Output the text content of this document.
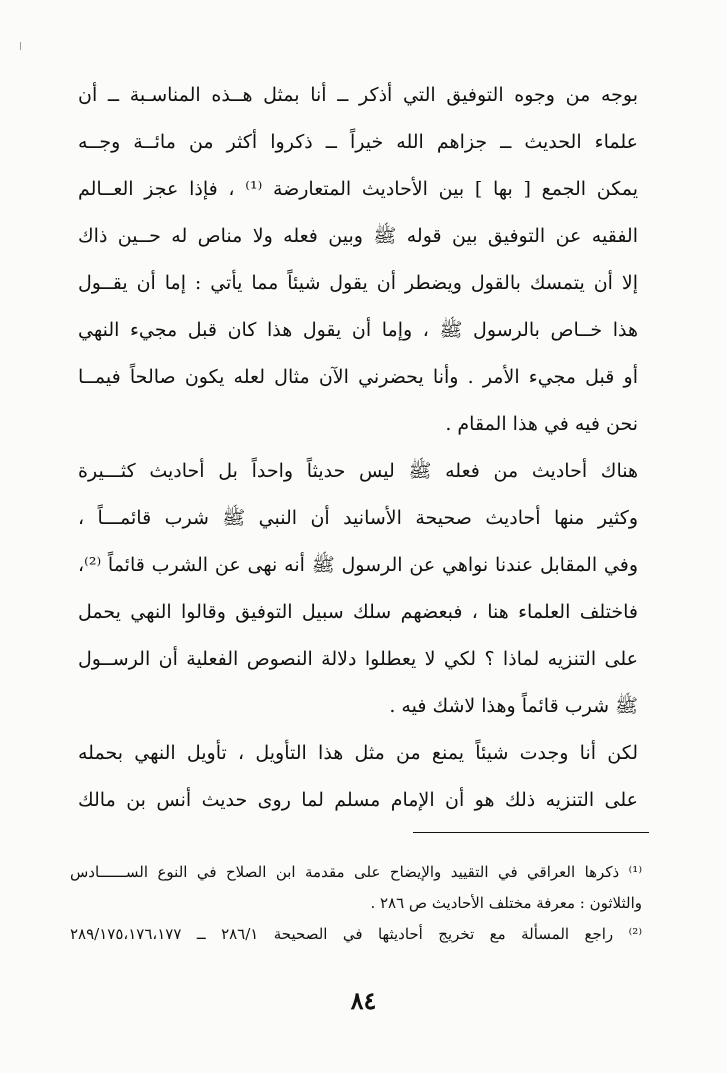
بوجه من وجوه التوفيق التي أذكر ــ أنا بمثل هــذه المناسـبة ــ أن
علماء الحديث ــ جزاهم الله خيراً ــ ذكروا أكثر من مائــة وجــه
يمكن الجمع [ بها ] بين الأحاديث المتعارضة ⁽¹⁾ ، فإذا عجز العــالم
الفقيه عن التوفيق بين قوله ﷺ وبين فعله ولا مناص له حــين ذاك
إلا أن يتمسك بالقول ويضطر أن يقول شيئاً مما يأتي : إما أن يقــول
هذا خــاص بالرسول ﷺ ، وإما أن يقول هذا كان قبل مجيء النهي
أو قبل مجيء الأمر . وأنا يحضرني الآن مثال لعله يكون صالحاً فيمــا
نحن فيه في هذا المقام .
هناك أحاديث من فعله ﷺ ليس حديثاً واحداً بل أحاديث كثـــيرة
وكثير منها أحاديث صحيحة الأسانيد أن النبي ﷺ شرب قائمـــاً ،
وفي المقابل عندنا نواهي عن الرسول ﷺ أنه نهى عن الشرب قائماً ⁽²⁾،
فاختلف العلماء هنا ، فبعضهم سلك سبيل التوفيق وقالوا النهي يحمل
على التنزيه لماذا ؟ لكي لا يعطلوا دلالة النصوص الفعلية أن الرســول
ﷺ شرب قائماً وهذا لاشك فيه .
لكن أنا وجدت شيئاً يمنع من مثل هذا التأويل ، تأويل النهي بحمله
على التنزيه ذلك هو أن الإمام مسلم لما روى حديث أنس بن مالك
⁽¹⁾ ذكرها العراقي في التقييد والإيضاح على مقدمة ابن الصلاح في النوع الســــــادس
والثلاثون : معرفة مختلف الأحاديث ص ٢٨٦ .
⁽²⁾ راجع المسألة مع تخريج أحاديثها في الصحيحة ٢٨٦/١ ــ ٢٨٩/١٧٥،١٧٦،١٧٧
٨٤
